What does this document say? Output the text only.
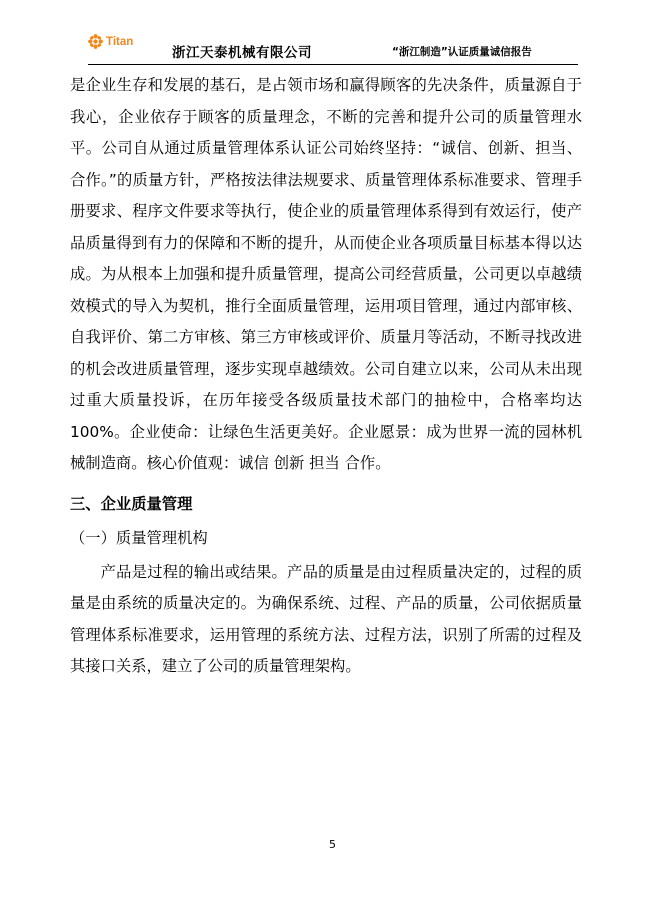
Titan
浙江天泰机械有限公司	“浙江制造”认证质量诚信报告

是企业生存和发展的基石，是占领市场和赢得顾客的先决条件，质量源自于我心，企业依存于顾客的质量理念，不断的完善和提升公司的质量管理水平。公司自从通过质量管理体系认证公司始终坚持：“诚信、创新、担当、合作。”的质量方针，严格按法律法规要求、质量管理体系标准要求、管理手册要求、程序文件要求等执行，使企业的质量管理体系得到有效运行，使产品质量得到有力的保障和不断的提升，从而使企业各项质量目标基本得以达成。为从根本上加强和提升质量管理，提高公司经营质量，公司更以卓越绩效模式的导入为契机，推行全面质量管理，运用项目管理，通过内部审核、自我评价、第二方审核、第三方审核或评价、质量月等活动，不断寻找改进的机会改进质量管理，逐步实现卓越绩效。公司自建立以来，公司从未出现过重大质量投诉，在历年接受各级质量技术部门的抽检中，合格率均达100%。企业使命：让绿色生活更美好。企业愿景：成为世界一流的园林机械制造商。核心价值观：诚信 创新 担当 合作。

三、企业质量管理

（一）质量管理机构

产品是过程的输出或结果。产品的质量是由过程质量决定的，过程的质量是由系统的质量决定的。为确保系统、过程、产品的质量，公司依据质量管理体系标准要求，运用管理的系统方法、过程方法，识别了所需的过程及其接口关系，建立了公司的质量管理架构。

5
